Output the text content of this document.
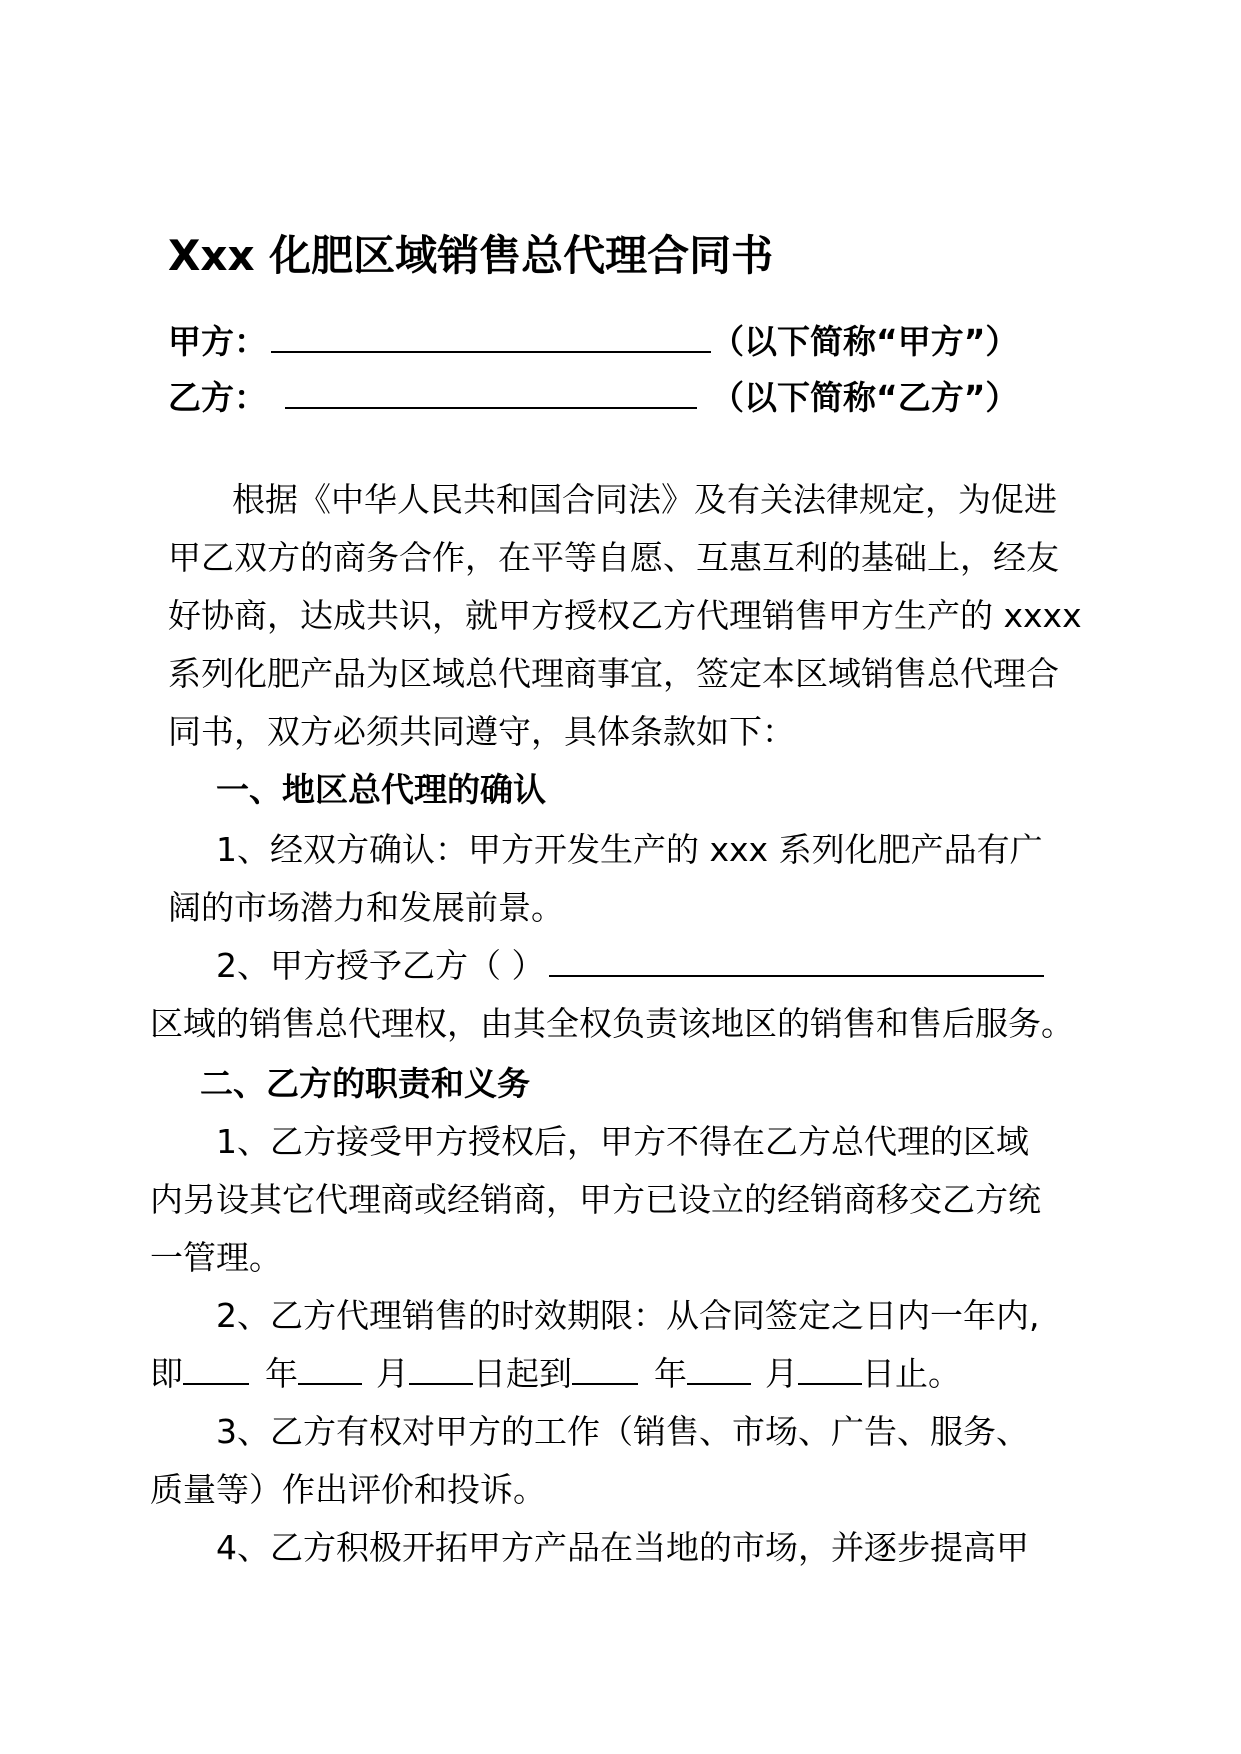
Xxx 化肥区域销售总代理合同书
甲方：	（以下简称“甲方”）
乙方：	（以下简称“乙方”）
根据《中华人民共和国合同法》及有关法律规定，为促进
甲乙双方的商务合作，在平等自愿、互惠互利的基础上，经友
好协商，达成共识，就甲方授权乙方代理销售甲方生产的 xxxx
系列化肥产品为区域总代理商事宜，签定本区域销售总代理合
同书，双方必须共同遵守，具体条款如下：
一、地区总代理的确认
1、经双方确认：甲方开发生产的 xxx 系列化肥产品有广
阔的市场潜力和发展前景。
2、甲方授予乙方（ ）
区域的销售总代理权，由其全权负责该地区的销售和售后服务。
二、乙方的职责和义务
1、乙方接受甲方授权后，甲方不得在乙方总代理的区域
内另设其它代理商或经销商，甲方已设立的经销商移交乙方统
一管理。
2、乙方代理销售的时效期限：从合同签定之日内一年内,
即 年 月 日起到 年 月 日止。
3、乙方有权对甲方的工作（销售、市场、广告、服务、
质量等）作出评价和投诉。
4、乙方积极开拓甲方产品在当地的市场，并逐步提高甲
